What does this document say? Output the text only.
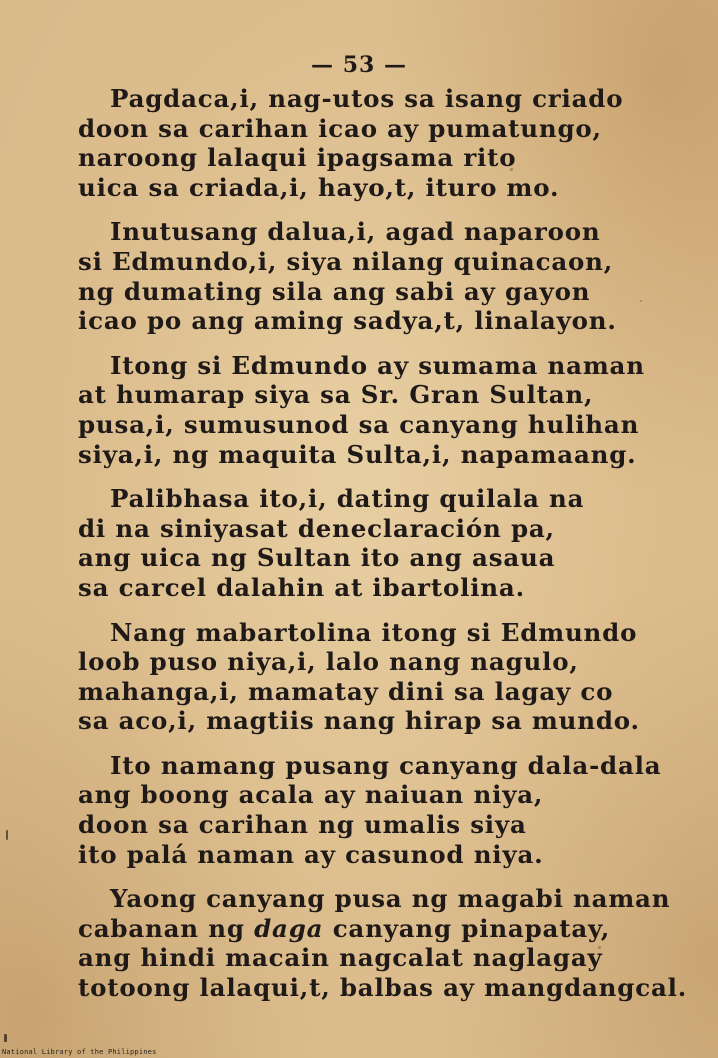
— 53 —
Pagdaca,i, nag-utos sa isang criado
doon sa carihan icao ay pumatungo,
naroong lalaqui ipagsama rito
uica sa criada,i, hayo,t, ituro mo.
Inutusang dalua,i, agad naparoon
si Edmundo,i, siya nilang quinacaon,
ng dumating sila ang sabi ay gayon
icao po ang aming sadya,t, linalayon.
Itong si Edmundo ay sumama naman
at humarap siya sa Sr. Gran Sultan,
pusa,i, sumusunod sa canyang hulihan
siya,i, ng maquita Sulta,i, napamaang.
Palibhasa ito,i, dating quilala na
di na siniyasat deneclaración pa,
ang uica ng Sultan ito ang asaua
sa carcel dalahin at ibartolina.
Nang mabartolina itong si Edmundo
loob puso niya,i, lalo nang nagulo,
mahanga,i, mamatay dini sa lagay co
sa aco,i, magtiis nang hirap sa mundo.
Ito namang pusang canyang dala-dala
ang boong acala ay naiuan niya,
doon sa carihan ng umalis siya
ito palá naman ay casunod niya.
Yaong canyang pusa ng magabi naman
cabanan ng daga canyang pinapatay,
ang hindi macain nagcalat naglagay
totoong lalaqui,t, balbas ay mangdangcal.
National Library of the Philippines
